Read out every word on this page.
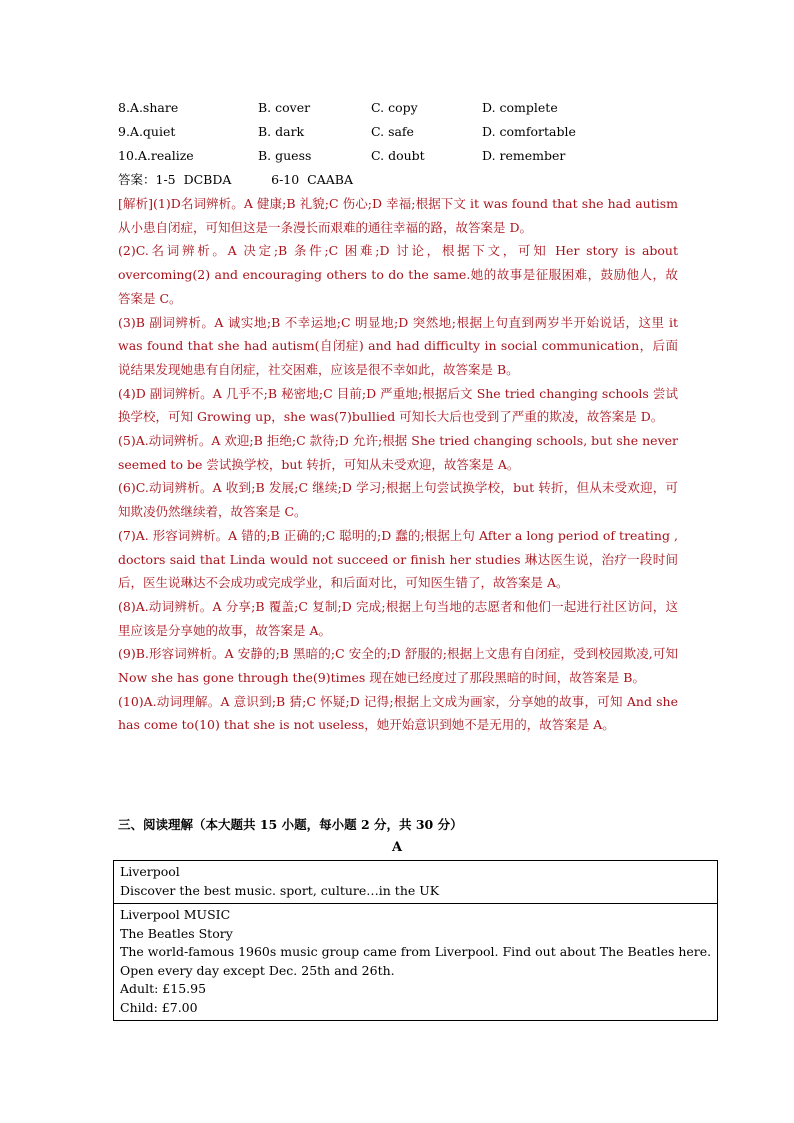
8.A.share	B. cover	C. copy	D. complete
9.A.quiet	B. dark	C. safe	D. comfortable
10.A.realize	B. guess	C. doubt	D. remember
答案：1-5  DCBDA          6-10  CAABA

[解析](1)D名词辨析。A 健康;B 礼貌;C 伤心;D 幸福;根据下文 it was found that she had autism 从小患自闭症，可知但这是一条漫长而艰难的通往幸福的路，故答案是 D。

(2)C.名词辨析。A 决定;B 条件;C 困难;D 讨论，根据下文，可知 Her story is about overcoming(2) and encouraging others to do the same.她的故事是征服困难，鼓励他人，故答案是 C。

(3)B 副词辨析。A 诚实地;B 不幸运地;C 明显地;D 突然地;根据上句直到两岁半开始说话，这里 it was found that she had autism(自闭症) and had difficulty in social communication，后面说结果发现她患有自闭症，社交困难，应该是很不幸如此，故答案是 B。

(4)D 副词辨析。A 几乎不;B 秘密地;C 目前;D 严重地;根据后文 She tried changing schools 尝试换学校，可知 Growing up，she was(7)bullied 可知长大后也受到了严重的欺凌，故答案是 D。

(5)A.动词辨析。A 欢迎;B 拒绝;C 款待;D 允许;根据 She tried changing schools, but she never seemed to be 尝试换学校，but 转折，可知从未受欢迎，故答案是 A。

(6)C.动词辨析。A 收到;B 发展;C 继续;D 学习;根据上句尝试换学校，but 转折，但从未受欢迎，可知欺凌仍然继续着，故答案是 C。

(7)A. 形容词辨析。A 错的;B 正确的;C 聪明的;D 蠢的;根据上句 After a long period of treating , doctors said that Linda would not succeed or finish her studies 琳达医生说，治疗一段时间后，医生说琳达不会成功或完成学业，和后面对比，可知医生错了，故答案是 A。

(8)A.动词辨析。A 分享;B 覆盖;C 复制;D 完成;根据上句当地的志愿者和他们一起进行社区访问，这里应该是分享她的故事，故答案是 A。

(9)B.形容词辨析。A 安静的;B 黑暗的;C 安全的;D 舒服的;根据上文患有自闭症，受到校园欺凌,可知 Now she has gone through the(9)times 现在她已经度过了那段黑暗的时间，故答案是 B。

(10)A.动词理解。A 意识到;B 猜;C 怀疑;D 记得;根据上文成为画家，分享她的故事，可知 And she has come to(10) that she is not useless，她开始意识到她不是无用的，故答案是 A。

三、阅读理解（本大题共 15 小题，每小题 2 分，共 30 分）
A
Liverpool
Discover the best music. sport, culture…in the UK

Liverpool MUSIC
The Beatles Story
The world-famous 1960s music group came from Liverpool. Find out about The Beatles here.
Open every day except Dec. 25th and 26th.
Adult: £15.95
Child: £7.00
